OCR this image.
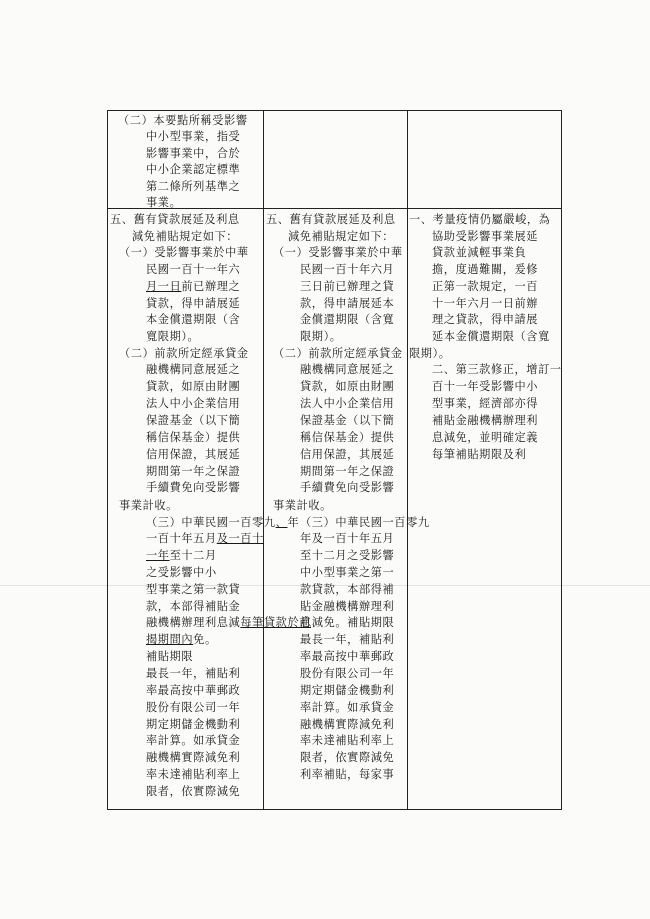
（二）本要點所稱受影響
中小型事業，指受
影響事業中，合於
中小企業認定標準
第二條所列基準之
事業。
五、舊有貸款展延及利息
減免補貼規定如下：
（一）受影響事業於中華
民國一百十一年六
月一日前已辦理之
貸款，得申請展延
本金償還期限（含
寬限期）。
（二）前款所定經承貸金
融機構同意展延之
貸款，如原由財團
法人中小企業信用
保證基金（以下簡
稱信保基金）提供
信用保證，其展延
期間第一年之保證
手續費免向受影響
事業計收。
（三）中華民國一百零九、年
一百十年五月及一百十
一年至十二月
之受影響中小
型事業之第一款貸
款，本部得補貼金
融機構辦理利息減每筆貸款於前
揭期間內免。
補貼期限
最長一年，補貼利
率最高按中華郵政
股份有限公司一年
期定期儲金機動利
率計算。如承貸金
融機構實際減免利
率未達補貼利率上
限者，依實際減免
五、舊有貸款展延及利息
減免補貼規定如下：
（一）受影響事業於中華
民國一百十年六月
三日前已辦理之貸
款，得申請展延本
金償還期限（含寬
限期）。
（二）前款所定經承貸金
融機構同意展延之
貸款，如原由財團
法人中小企業信用
保證基金（以下簡
稱信保基金）提供
信用保證，其展延
期間第一年之保證
手續費免向受影響
事業計收。
（三）中華民國一百零九
年及一百十年五月
至十二月之受影響
中小型事業之第一
款貸款，本部得補
貼金融機構辦理利
息減免。補貼期限
最長一年，補貼利
率最高按中華郵政
股份有限公司一年
期定期儲金機動利
率計算。如承貸金
融機構實際減免利
率未達補貼利率上
限者，依實際減免
利率補貼，每家事
一、考量疫情仍屬嚴峻，為
協助受影響事業展延
貸款並減輕事業負
擔，度過難關，爰修
正第一款規定，一百
十一年六月一日前辦
理之貸款，得申請展
延本金償還期限（含寬
限期）。
二、第三款修正，增訂一
百十一年受影響中小
型事業，經濟部亦得
補貼金融機構辦理利
息減免，並明確定義
每筆補貼期限及利
